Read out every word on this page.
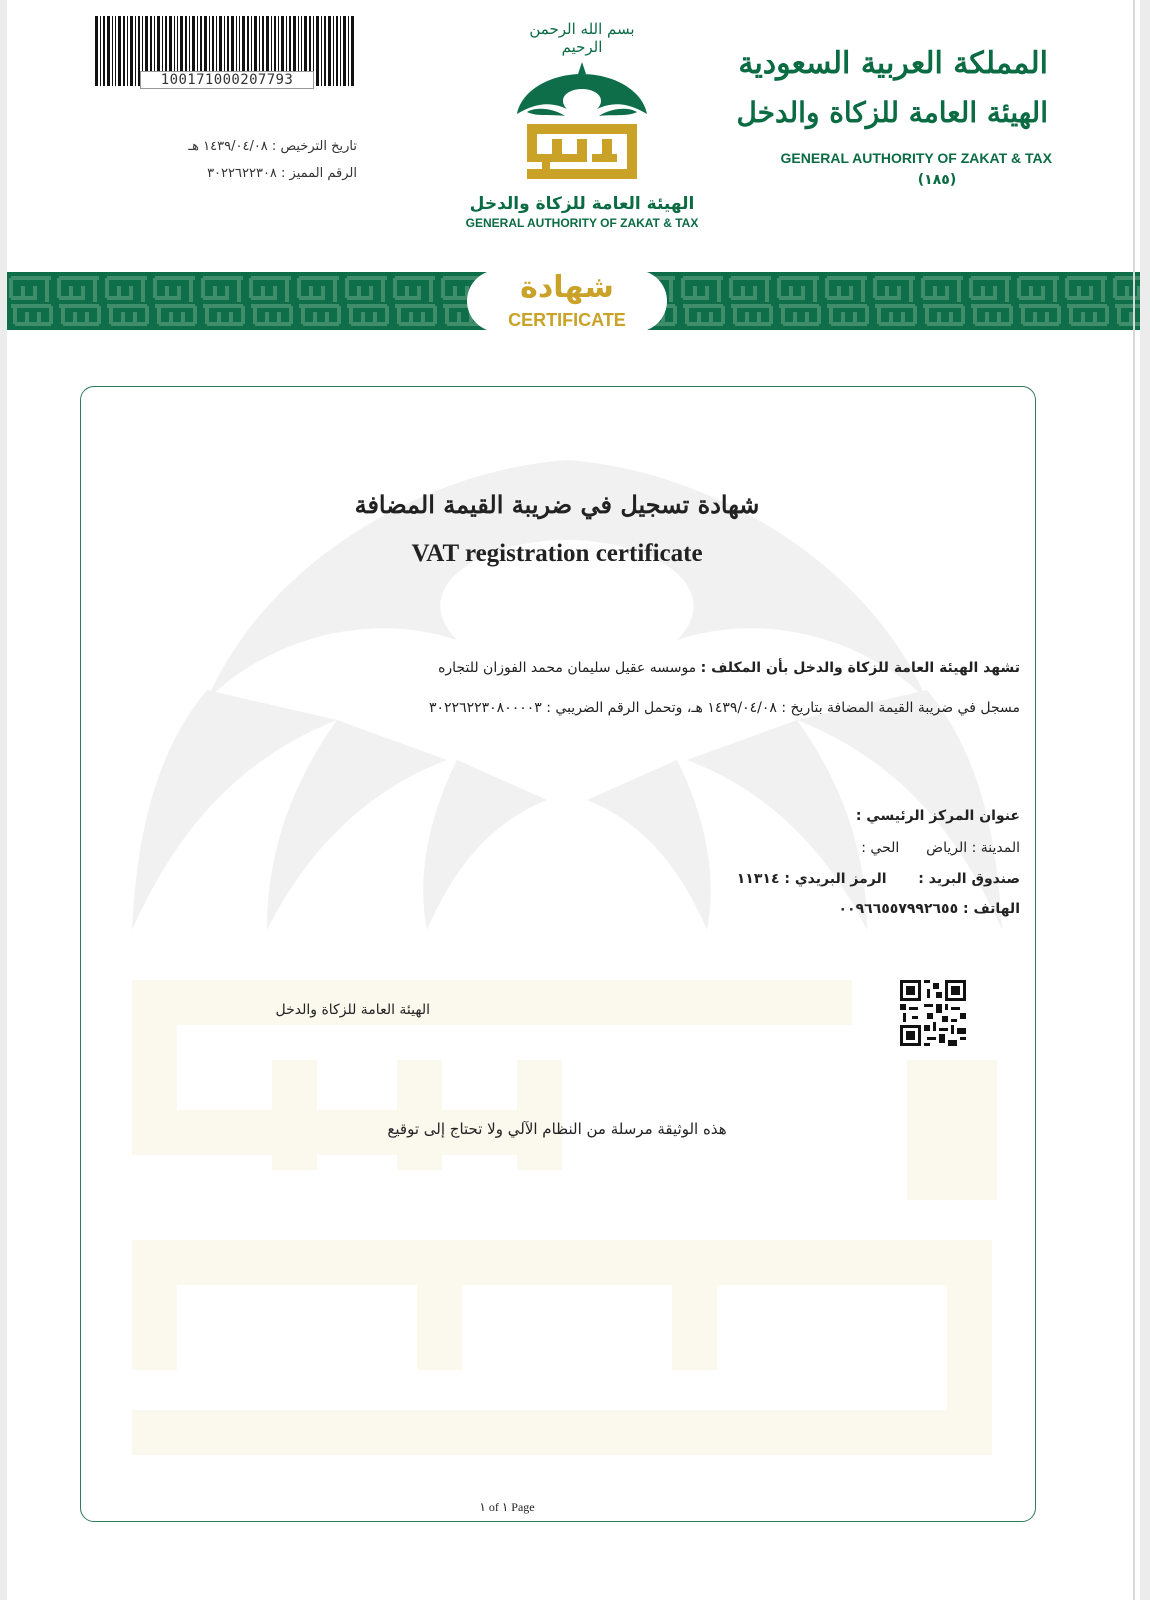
100171000207793
تاريخ الترخيص : ١٤٣٩/٠٤/٠٨ هـ
الرقم المميز : ٣٠٢٢٦٢٢٣٠٨
بسم الله الرحمن الرحيم
الهيئة العامة للزكاة والدخل
GENERAL AUTHORITY OF ZAKAT & TAX
المملكة العربية السعودية
الهيئة العامة للزكاة والدخل
GENERAL AUTHORITY OF ZAKAT & TAX
(١٨٥)
شهادة
CERTIFICATE
شهادة تسجيل في ضريبة القيمة المضافة
VAT registration certificate
تشهد الهيئة العامة للزكاة والدخل بأن المكلف : موسسه عقيل سليمان محمد الفوزان للتجاره
مسجل في ضريبة القيمة المضافة بتاريخ : ١٤٣٩/٠٤/٠٨ هـ، وتحمل الرقم الضريبي : ٣٠٢٢٦٢٢٣٠٨٠٠٠٠٣
عنوان المركز الرئيسي :
المدينة : الرياض  الحي :
صندوق البريد :  الرمز البريدي : ١١٣١٤
الهاتف : ٠٠٩٦٦٥٥٧٩٩٢٦٥٥
الهيئة العامة للزكاة والدخل
هذه الوثيقة مرسلة من النظام الآلي ولا تحتاج إلى توقيع
١ of ١ Page
